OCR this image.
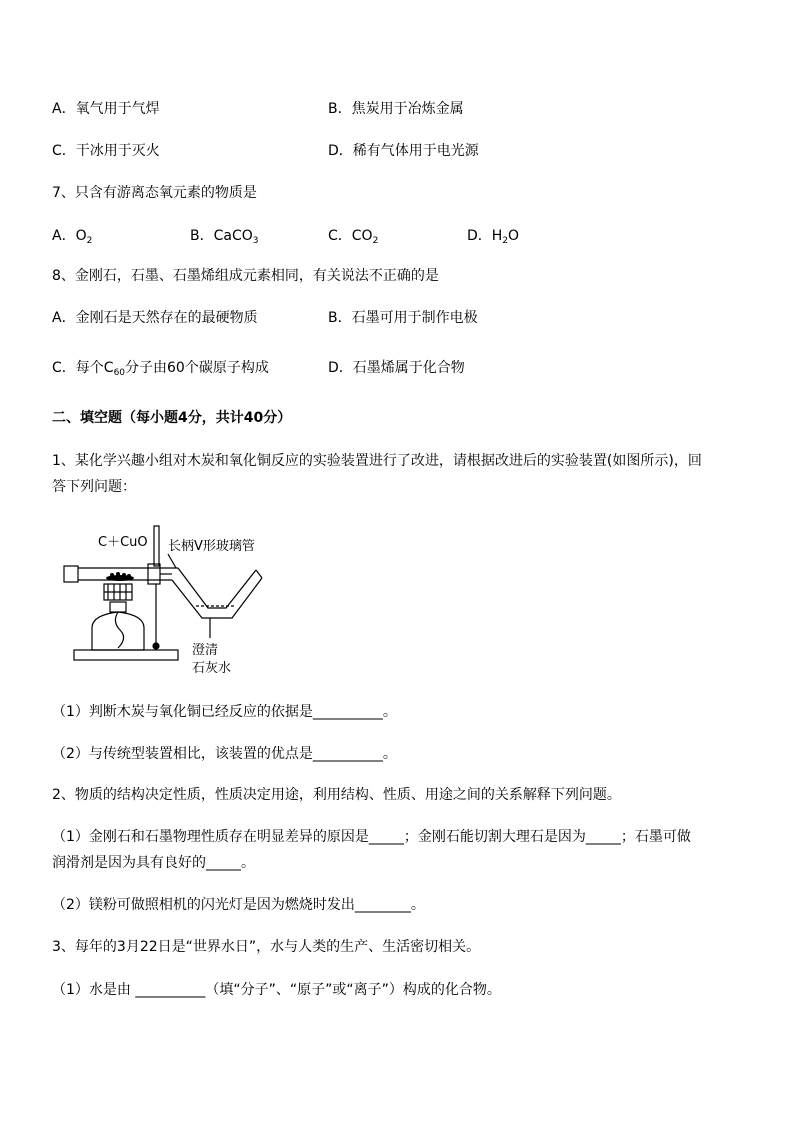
A．氧气用于气焊	B．焦炭用于冶炼金属
C．干冰用于灭火	D．稀有气体用于电光源
7、只含有游离态氧元素的物质是
A．$O_2$	B．CaCO$_3$	C．$CO_2$	D．$H_2O$
8、金刚石，石墨、石墨烯组成元素相同，有关说法不正确的是
A．金刚石是天然存在的最硬物质	B．石墨可用于制作电极
C．每个$C_{60}$分子由60个碳原子构成	D．石墨烯属于化合物
二、填空题（每小题4分，共计40分）
1、某化学兴趣小组对木炭和氧化铜反应的实验装置进行了改进，请根据改进后的实验装置(如图所示)，回
答下列问题：
C＋CuO 长柄V形玻璃管
澄清
石灰水
（1）判断木炭与氧化铜已经反应的依据是__________。
（2）与传统型装置相比，该装置的优点是__________。
2、物质的结构决定性质，性质决定用途，利用结构、性质、用途之间的关系解释下列问题。
（1）金刚石和石墨物理性质存在明显差异的原因是_____；金刚石能切割大理石是因为_____；石墨可做
润滑剂是因为具有良好的_____。
（2）镁粉可做照相机的闪光灯是因为燃烧时发出________。
3、每年的3月22日是“世界水日”，水与人类的生产、生活密切相关。
（1）水是由 __________（填“分子”、“原子”或“离子”）构成的化合物。
